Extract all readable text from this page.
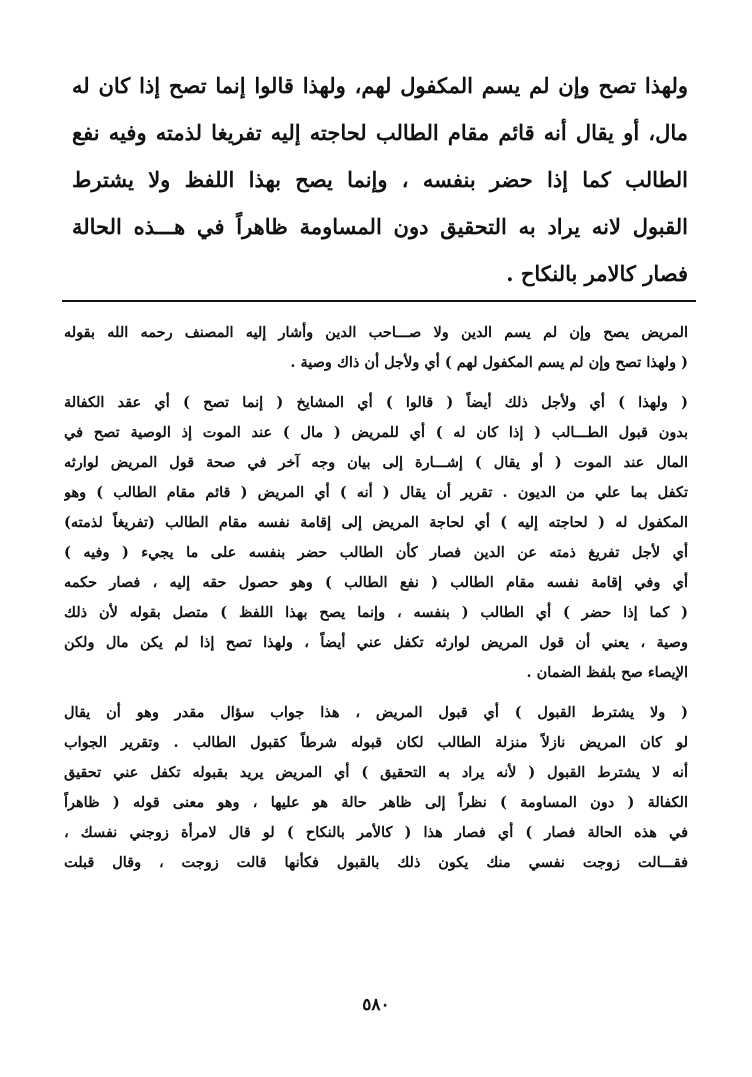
ولهذا تصح وإن لم يسم المكفول لهم، ولهذا قالوا إنما تصح إذا كان له
مال، أو يقال أنه قائم مقام الطالب لحاجته إليه تفريغا لذمته وفيه نفع
الطالب كما إذا حضر بنفسه ، وإنما يصح بهذا اللفظ ولا يشترط
القبول لانه يراد به التحقيق دون المساومة ظاهراً في هـــذه الحالة
فصار كالامر بالنكاح .
المريض يصح وإن لم يسم الدين ولا صـــاحب الدين وأشار إليه المصنف رحمه الله بقوله
( ولهذا تصح وإن لم يسم المكفول لهم ) أي ولأجل أن ذاك وصية .
( ولهذا ) أي ولأجل ذلك أيضاً ( قالوا ) أي المشايخ ( إنما تصح ) أي عقد الكفالة
بدون قبول الطـــالب ( إذا كان له ) أي للمريض ( مال ) عند الموت إذ الوصية تصح في
المال عند الموت ( أو يقال ) إشـــارة إلى بيان وجه آخر في صحة قول المريض لوارثه
تكفل بما علي من الديون . تقرير أن يقال ( أنه ) أي المريض ( قائم مقام الطالب ) وهو
المكفول له ( لحاجته إليه ) أي لحاجة المريض إلى إقامة نفسه مقام الطالب (تفريغاً لذمته)
أي لأجل تفريغ ذمته عن الدين فصار كأن الطالب حضر بنفسه على ما يجيء ( وفيه )
أي وفي إقامة نفسه مقام الطالب ( نفع الطالب ) وهو حصول حقه إليه ، فصار حكمه
( كما إذا حضر ) أي الطالب ( بنفسه ، وإنما يصح بهذا اللفظ ) متصل بقوله لأن ذلك
وصية ، يعني أن قول المريض لوارثه تكفل عني أيضاً ، ولهذا تصح إذا لم يكن مال ولكن
الإيصاء صح بلفظ الضمان .
( ولا يشترط القبول ) أي قبول المريض ، هذا جواب سؤال مقدر وهو أن يقال
لو كان المريض نازلاً منزلة الطالب لكان قبوله شرطاً كقبول الطالب . وتقرير الجواب
أنه لا يشترط القبول ( لأنه يراد به التحقيق ) أي المريض يريد بقبوله تكفل عني تحقيق
الكفالة ( دون المساومة ) نظراً إلى ظاهر حالة هو عليها ، وهو معنى قوله ( ظاهراً
في هذه الحالة فصار ) أي فصار هذا ( كالأمر بالنكاح ) لو قال لامرأة زوجني نفسك ،
فقـــالت زوجت نفسي منك يكون ذلك بالقبول فكأنها قالت زوجت ، وقال قبلت
٥٨٠
